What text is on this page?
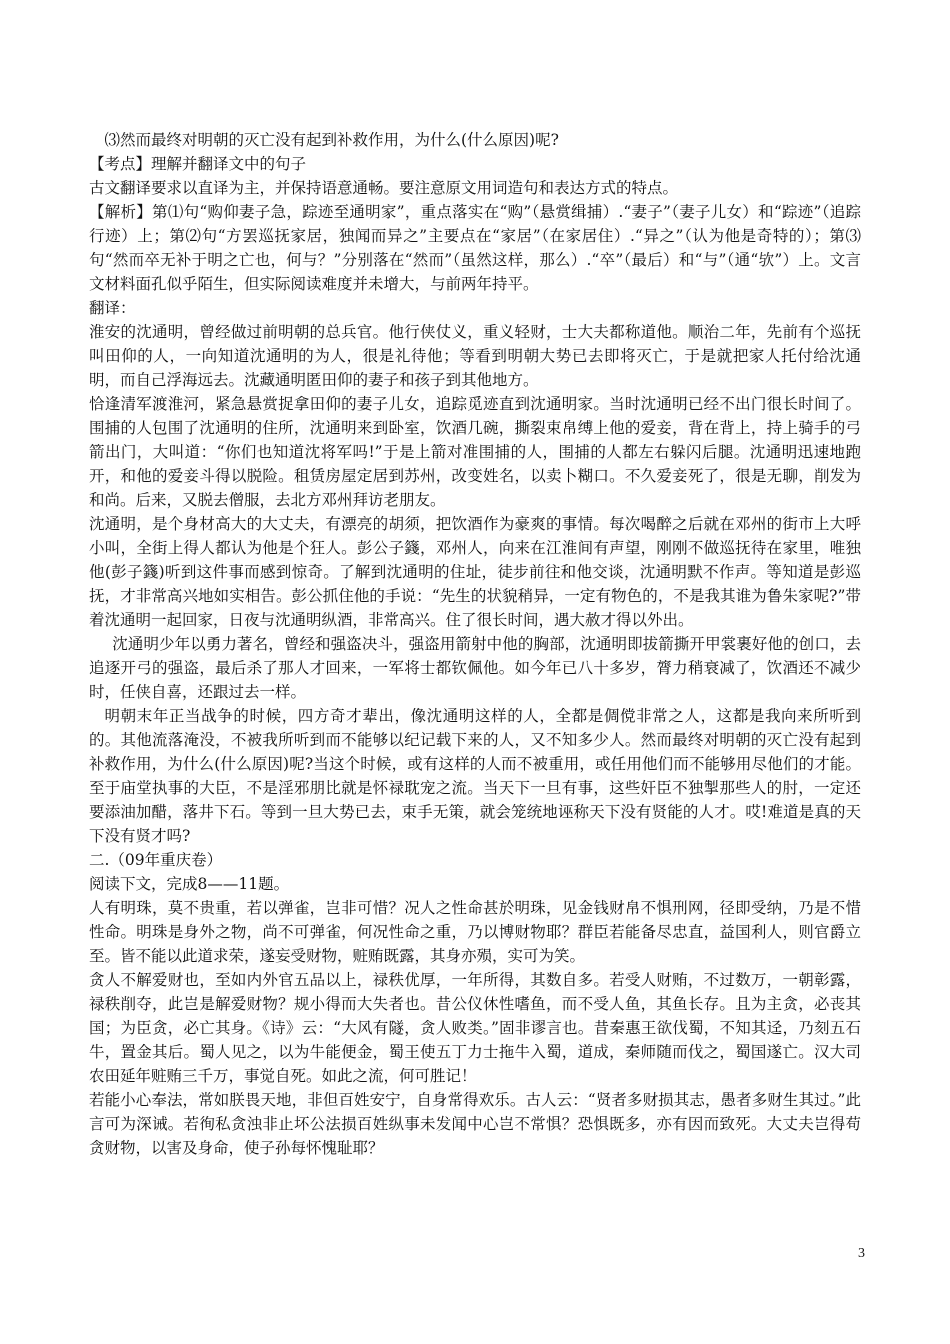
⑶然而最终对明朝的灭亡没有起到补救作用，为什么(什么原因)呢?

【考点】理解并翻译文中的句子

古文翻译要求以直译为主，并保持语意通畅。要注意原文用词造句和表达方式的特点。

【解析】第⑴句“购仰妻子急，踪迹至通明家”，重点落实在“购”（悬赏缉捕）.“妻子”（妻子儿女）和“踪迹”（追踪行迹）上；第⑵句“方罢巡抚家居，独闻而异之”主要点在“家居”（在家居住）.“异之”（认为他是奇特的）；第⑶句“然而卒无补于明之亡也，何与？”分别落在“然而”（虽然这样，那么）.“卒”（最后）和“与”（通“欤”）上。文言文材料面孔似乎陌生，但实际阅读难度并未增大，与前两年持平。

翻译：

淮安的沈通明，曾经做过前明朝的总兵官。他行侠仗义，重义轻财，士大夫都称道他。顺治二年，先前有个巡抚叫田仰的人，一向知道沈通明的为人，很是礼待他；等看到明朝大势已去即将灭亡，于是就把家人托付给沈通明，而自己浮海远去。沈藏通明匿田仰的妻子和孩子到其他地方。

恰逢清军渡淮河，紧急悬赏捉拿田仰的妻子儿女，追踪觅迹直到沈通明家。当时沈通明已经不出门很长时间了。围捕的人包围了沈通明的住所，沈通明来到卧室，饮酒几碗，撕裂束帛缚上他的爱妾，背在背上，持上骑手的弓箭出门，大叫道：“你们也知道沈将军吗!”于是上箭对准围捕的人，围捕的人都左右躲闪后腿。沈通明迅速地跑开，和他的爱妾斗得以脱险。租赁房屋定居到苏州，改变姓名，以卖卜糊口。不久爱妾死了，很是无聊，削发为和尚。后来，又脱去僧服，去北方邓州拜访老朋友。

沈通明，是个身材高大的大丈夫，有漂亮的胡须，把饮酒作为豪爽的事情。每次喝醉之后就在邓州的街市上大呼小叫，全街上得人都认为他是个狂人。彭公子籛，邓州人，向来在江淮间有声望，刚刚不做巡抚待在家里，唯独他(彭子籛)听到这件事而感到惊奇。了解到沈通明的住址，徒步前往和他交谈，沈通明默不作声。等知道是彭巡抚，才非常高兴地如实相告。彭公抓住他的手说：“先生的状貌稍异，一定有物色的，不是我其谁为鲁朱家呢?”带着沈通明一起回家，日夜与沈通明纵酒，非常高兴。住了很长时间，遇大赦才得以外出。

沈通明少年以勇力著名，曾经和强盗决斗，强盗用箭射中他的胸部，沈通明即拔箭撕开甲裳裹好他的创口，去追逐开弓的强盗，最后杀了那人才回来，一军将士都钦佩他。如今年已八十多岁，膂力稍衰减了，饮酒还不减少时，任侠自喜，还跟过去一样。

明朝末年正当战争的时候，四方奇才辈出，像沈通明这样的人，全都是倜傥非常之人，这都是我向来所听到的。其他流落淹没，不被我所听到而不能够以纪记载下来的人，又不知多少人。然而最终对明朝的灭亡没有起到补救作用，为什么(什么原因)呢?当这个时候，或有这样的人而不被重用，或任用他们而不能够用尽他们的才能。至于庙堂执事的大臣，不是淫邪朋比就是怀禄耽宠之流。当天下一旦有事，这些奸臣不独掣那些人的肘，一定还要添油加醋，落井下石。等到一旦大势已去，束手无策，就会笼统地诬称天下没有贤能的人才。哎!难道是真的天下没有贤才吗?

二.（09年重庆卷）

阅读下文，完成8——11题。

人有明珠，莫不贵重，若以弹雀，岂非可惜？况人之性命甚於明珠，见金钱财帛不惧刑网，径即受纳，乃是不惜性命。明珠是身外之物，尚不可弹雀，何况性命之重，乃以博财物耶？群臣若能备尽忠直，益国利人，则官爵立至。皆不能以此道求荣，遂妄受财物，赃贿既露，其身亦殒，实可为笑。

贪人不解爱财也，至如内外官五品以上，禄秩优厚，一年所得，其数自多。若受人财贿，不过数万，一朝彰露，禄秩削夺，此岂是解爱财物？规小得而大失者也。昔公仪休性嗜鱼，而不受人鱼，其鱼长存。且为主贪，必丧其国；为臣贪，必亡其身。《诗》云：“大风有隧，贪人败类。”固非谬言也。昔秦惠王欲伐蜀，不知其迳，乃刻五石牛，置金其后。蜀人见之，以为牛能便金，蜀王使五丁力士拖牛入蜀，道成，秦师随而伐之，蜀国遂亡。汉大司农田延年赃贿三千万，事觉自死。如此之流，何可胜记！

若能小心奉法，常如朕畏天地，非但百姓安宁，自身常得欢乐。古人云：“贤者多财损其志，愚者多财生其过。”此言可为深诫。若徇私贪浊非止坏公法损百姓纵事未发闻中心岂不常惧？恐惧既多，亦有因而致死。大丈夫岂得苟贪财物，以害及身命，使子孙每怀愧耻耶？

3
